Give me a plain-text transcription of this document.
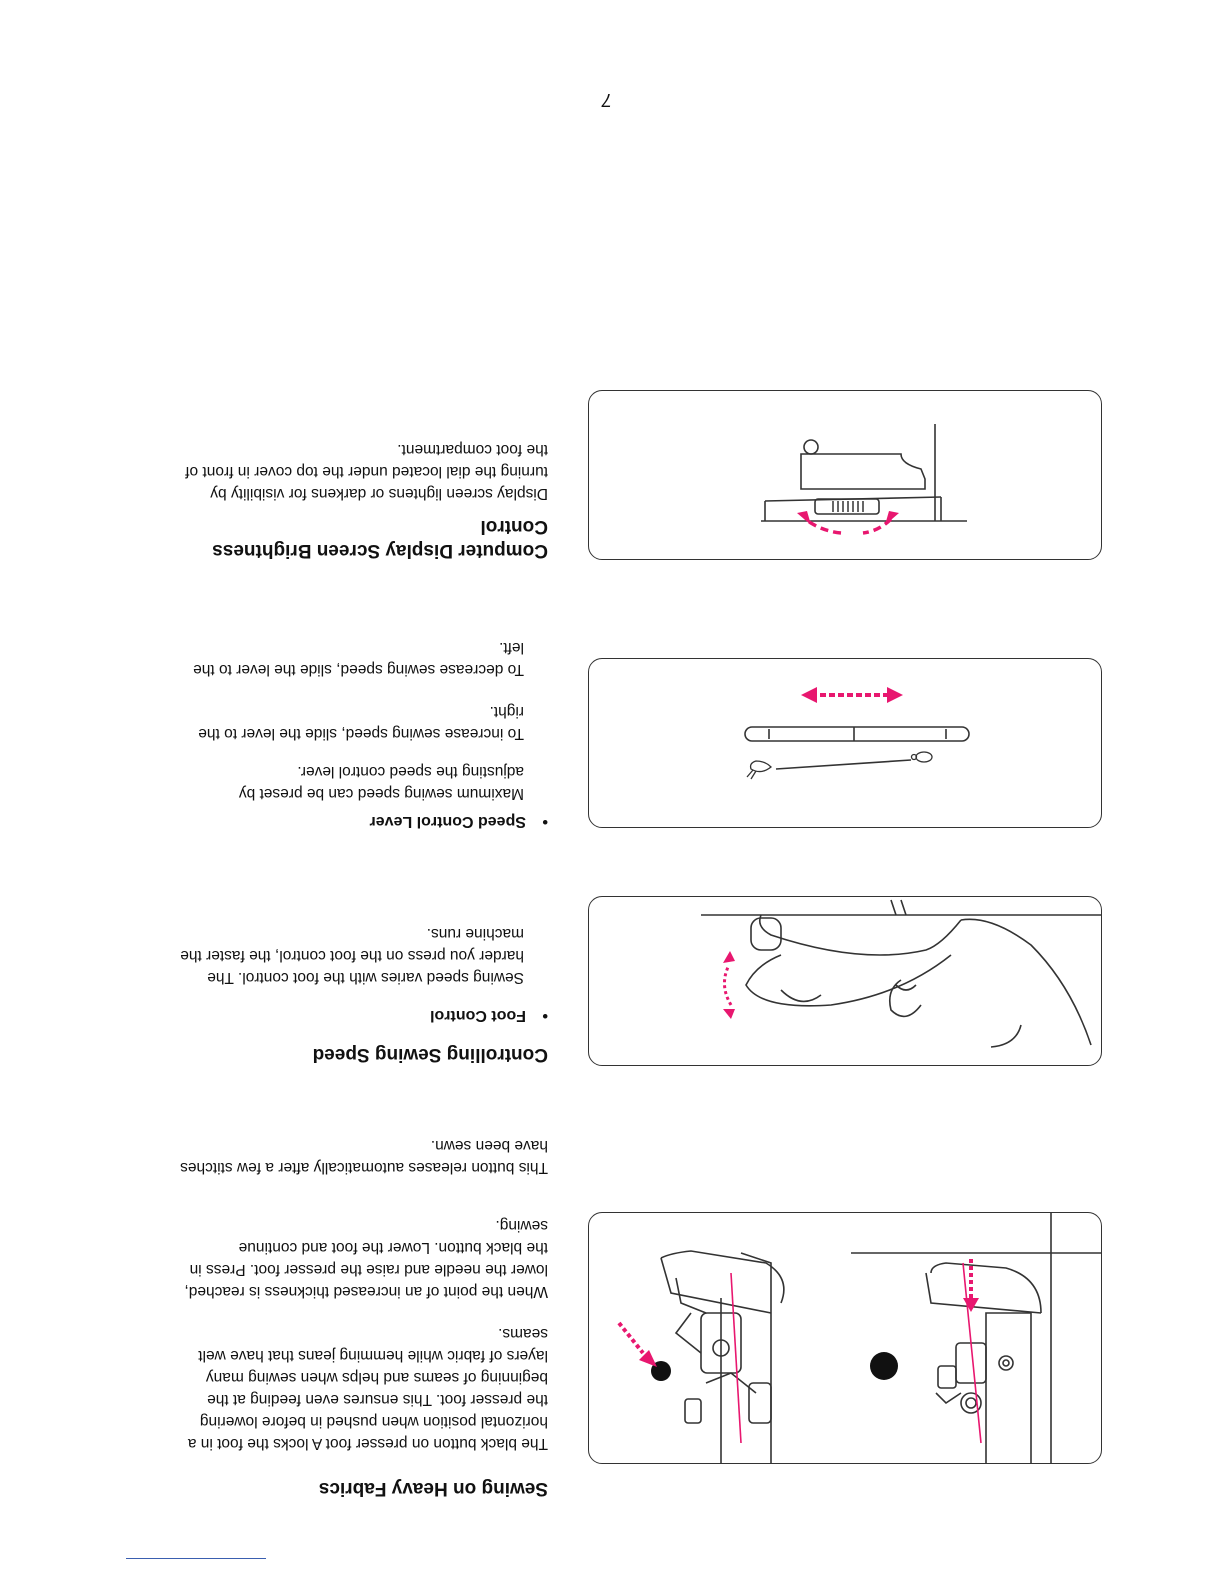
7
Sewing on Heavy Fabrics
The black button on presser foot A locks the foot in a
horizontal position when pushed in before lowering
the presser foot. This ensures even feeding at the
beginning of seams and helps when sewing many
layers of fabric while hemming jeans that have welt
seams.
When the point of an increased thickness is reached,
lower the needle and raise the presser foot. Press in
the black button. Lower the foot and continue
sewing.
This button releases automatically after a few stitches
have been sewn.
Controlling Sewing Speed
•Foot Control
Sewing speed varies with the foot control. The
harder you press on the foot control, the faster the
machine runs.
•Speed Control Lever
Maximum sewing speed can be preset by
adjusting the speed control lever.
To increase sewing speed, slide the lever to the
right.
To decrease sewing speed, slide the lever to the
left.
Computer Display Screen Brightness
Control
Display screen lightens or darkens for visibility by
turning the dial located under the top cover in front of
the foot compartment.
